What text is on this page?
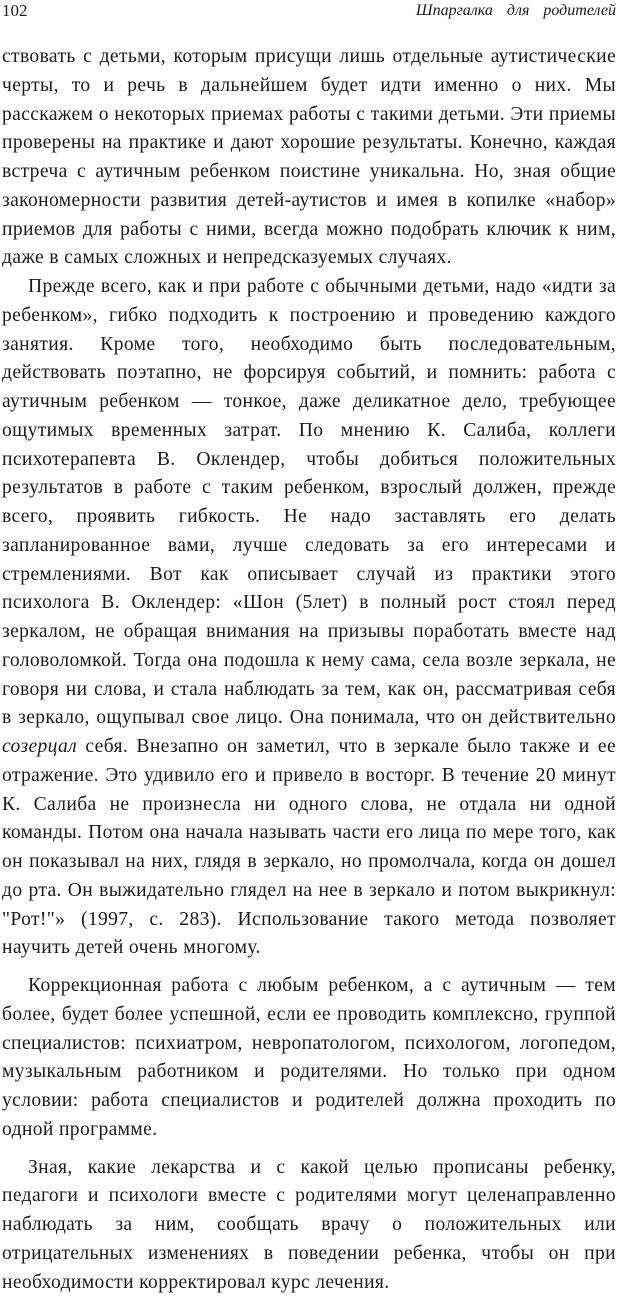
102	Шпаргалка для родителей

ствовать с детьми, которым присущи лишь отдельные аутистические черты, то и речь в дальнейшем будет идти именно о них. Мы расскажем о некоторых приемах работы с такими детьми. Эти приемы проверены на практике и дают хорошие результаты. Конечно, каждая встреча с аутичным ребенком поистине уникальна. Но, зная общие закономерности развития детей-аутистов и имея в копилке «набор» приемов для работы с ними, всегда можно подобрать ключик к ним, даже в самых сложных и непредсказуемых случаях.

Прежде всего, как и при работе с обычными детьми, надо «идти за ребенком», гибко подходить к построению и проведению каждого занятия. Кроме того, необходимо быть последовательным, действовать поэтапно, не форсируя событий, и помнить: работа с аутичным ребенком — тонкое, даже деликатное дело, требующее ощутимых временных затрат. По мнению К. Салиба, коллеги психотерапевта В. Оклендер, чтобы добиться положительных результатов в работе с таким ребенком, взрослый должен, прежде всего, проявить гибкость. Не надо заставлять его делать запланированное вами, лучше следовать за его интересами и стремлениями. Вот как описывает случай из практики этого психолога В. Оклендер: «Шон (5лет) в полный рост стоял перед зеркалом, не обращая внимания на призывы поработать вместе над головоломкой. Тогда она подошла к нему сама, села возле зеркала, не говоря ни слова, и стала наблюдать за тем, как он, рассматривая себя в зеркало, ощупывал свое лицо. Она понимала, что он действительно созерцал себя. Внезапно он заметил, что в зеркале было также и ее отражение. Это удивило его и привело в восторг. В течение 20 минут К. Салиба не произнесла ни одного слова, не отдала ни одной команды. Потом она начала называть части его лица по мере того, как он показывал на них, глядя в зеркало, но промолчала, когда он дошел до рта. Он выжидательно глядел на нее в зеркало и потом выкрикнул: "Рот!"» (1997, с. 283). Использование такого метода позволяет научить детей очень многому.

Коррекционная работа с любым ребенком, а с аутичным — тем более, будет более успешной, если ее проводить комплексно, группой специалистов: психиатром, невропатологом, психологом, логопедом, музыкальным работником и родителями. Но только при одном условии: работа специалистов и родителей должна проходить по одной программе.

Зная, какие лекарства и с какой целью прописаны ребенку, педагоги и психологи вместе с родителями могут целенаправленно наблюдать за ним, сообщать врачу о положительных или отрицательных изменениях в поведении ребенка, чтобы он при необходимости корректировал курс лечения.
